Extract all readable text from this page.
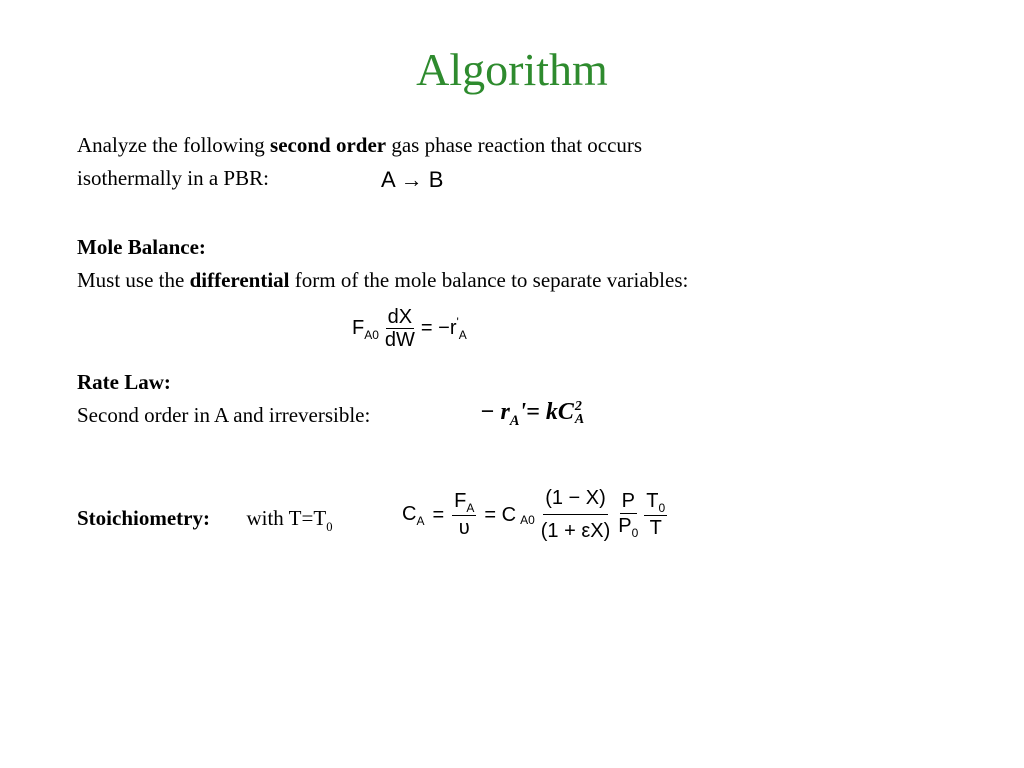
Algorithm
Analyze the following second order gas phase reaction that occurs
isothermally in a PBR:	A → B
Mole Balance:
Must use the differential form of the mole balance to separate variables:
$F_{A0} \frac{dX}{dW} = -r'_A$
Rate Law:
Second order in A and irreversible:	− $r_A'=$ kC 2
A
Stoichiometry: with $T=T_0$
$C_A = \frac{F_A}{\upsilon} = C$ $A0 \frac{(1 - X)}{(1 + \varepsilon X)} \frac{P}{P_0} \frac{T_0}{T}$
